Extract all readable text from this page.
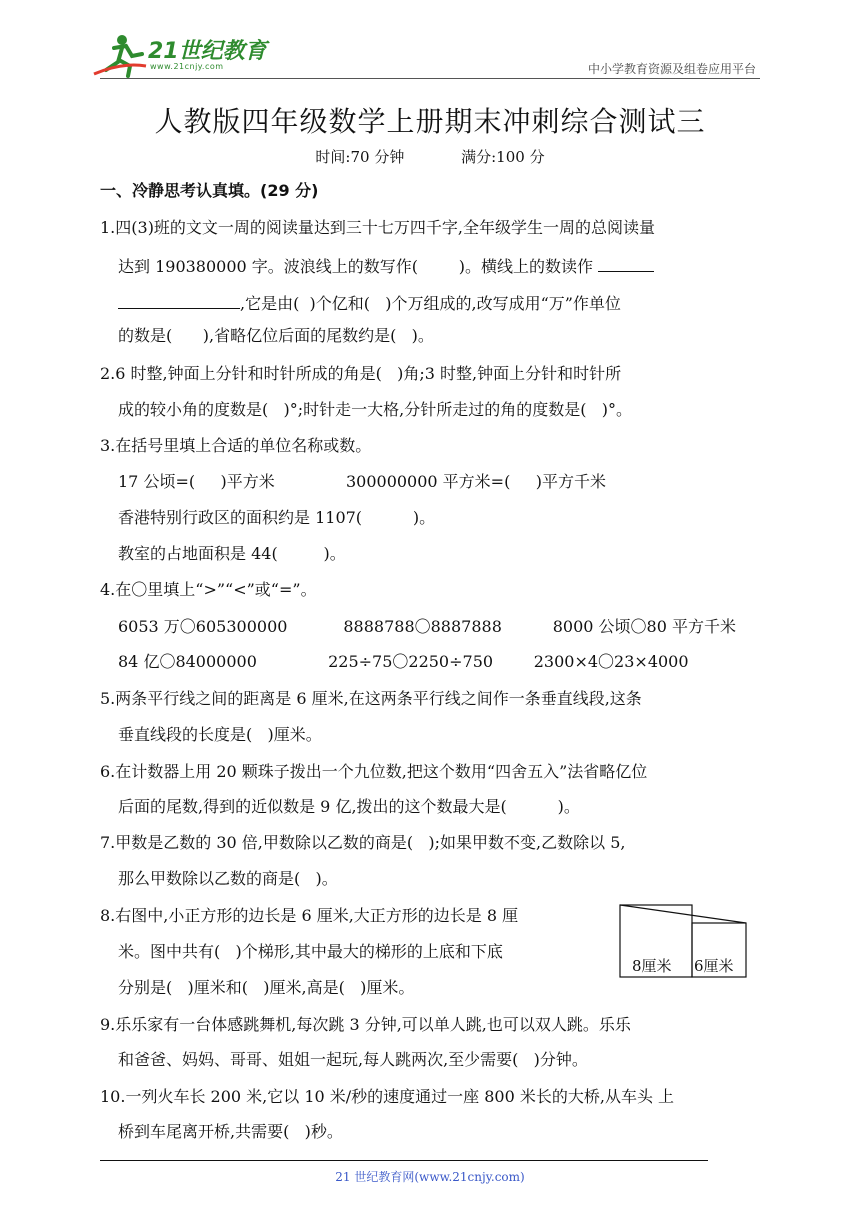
21世纪教育
www.21cnjy.com	中小学教育资源及组卷应用平台
人教版四年级数学上册期末冲刺综合测试三
时间:70 分钟	满分:100 分
一、冷静思考认真填。(29 分)
1.四(3)班的文文一周的阅读量达到三十七万四千字,全年级学生一周的总阅读量
达到 190380000 字。波浪线上的数写作(        )。横线上的数读作
,它是由(  )个亿和(   )个万组成的,改写成用“万”作单位
的数是(      ),省略亿位后面的尾数约是(   )。
2.6 时整,钟面上分针和时针所成的角是(   )角;3 时整,钟面上分针和时针所
成的较小角的度数是(   )°;时针走一大格,分针所走过的角的度数是(   )°。
3.在括号里填上合适的单位名称或数。
17 公顷=(     )平方米              300000000 平方米=(     )平方千米
香港特别行政区的面积约是 1107(          )。
教室的占地面积是 44(         )。
4.在〇里填上“>”“<”或“=”。
6053 万〇605300000           8888788〇8887888          8000 公顷〇80 平方千米
84 亿〇84000000              225÷75〇2250÷750        2300×4〇23×4000
5.两条平行线之间的距离是 6 厘米,在这两条平行线之间作一条垂直线段,这条
垂直线段的长度是(   )厘米。
6.在计数器上用 20 颗珠子拨出一个九位数,把这个数用“四舍五入”法省略亿位
后面的尾数,得到的近似数是 9 亿,拨出的这个数最大是(          )。
7.甲数是乙数的 30 倍,甲数除以乙数的商是(   );如果甲数不变,乙数除以 5,
那么甲数除以乙数的商是(   )。
8.右图中,小正方形的边长是 6 厘米,大正方形的边长是 8 厘
米。图中共有(   )个梯形,其中最大的梯形的上底和下底
分别是(   )厘米和(   )厘米,高是(   )厘米。
8厘米 6厘米
9.乐乐家有一台体感跳舞机,每次跳 3 分钟,可以单人跳,也可以双人跳。乐乐
和爸爸、妈妈、哥哥、姐姐一起玩,每人跳两次,至少需要(   )分钟。
10.一列火车长 200 米,它以 10 米/秒的速度通过一座 800 米长的大桥,从车头 上
桥到车尾离开桥,共需要(   )秒。
21 世纪教育网(www.21cnjy.com)
